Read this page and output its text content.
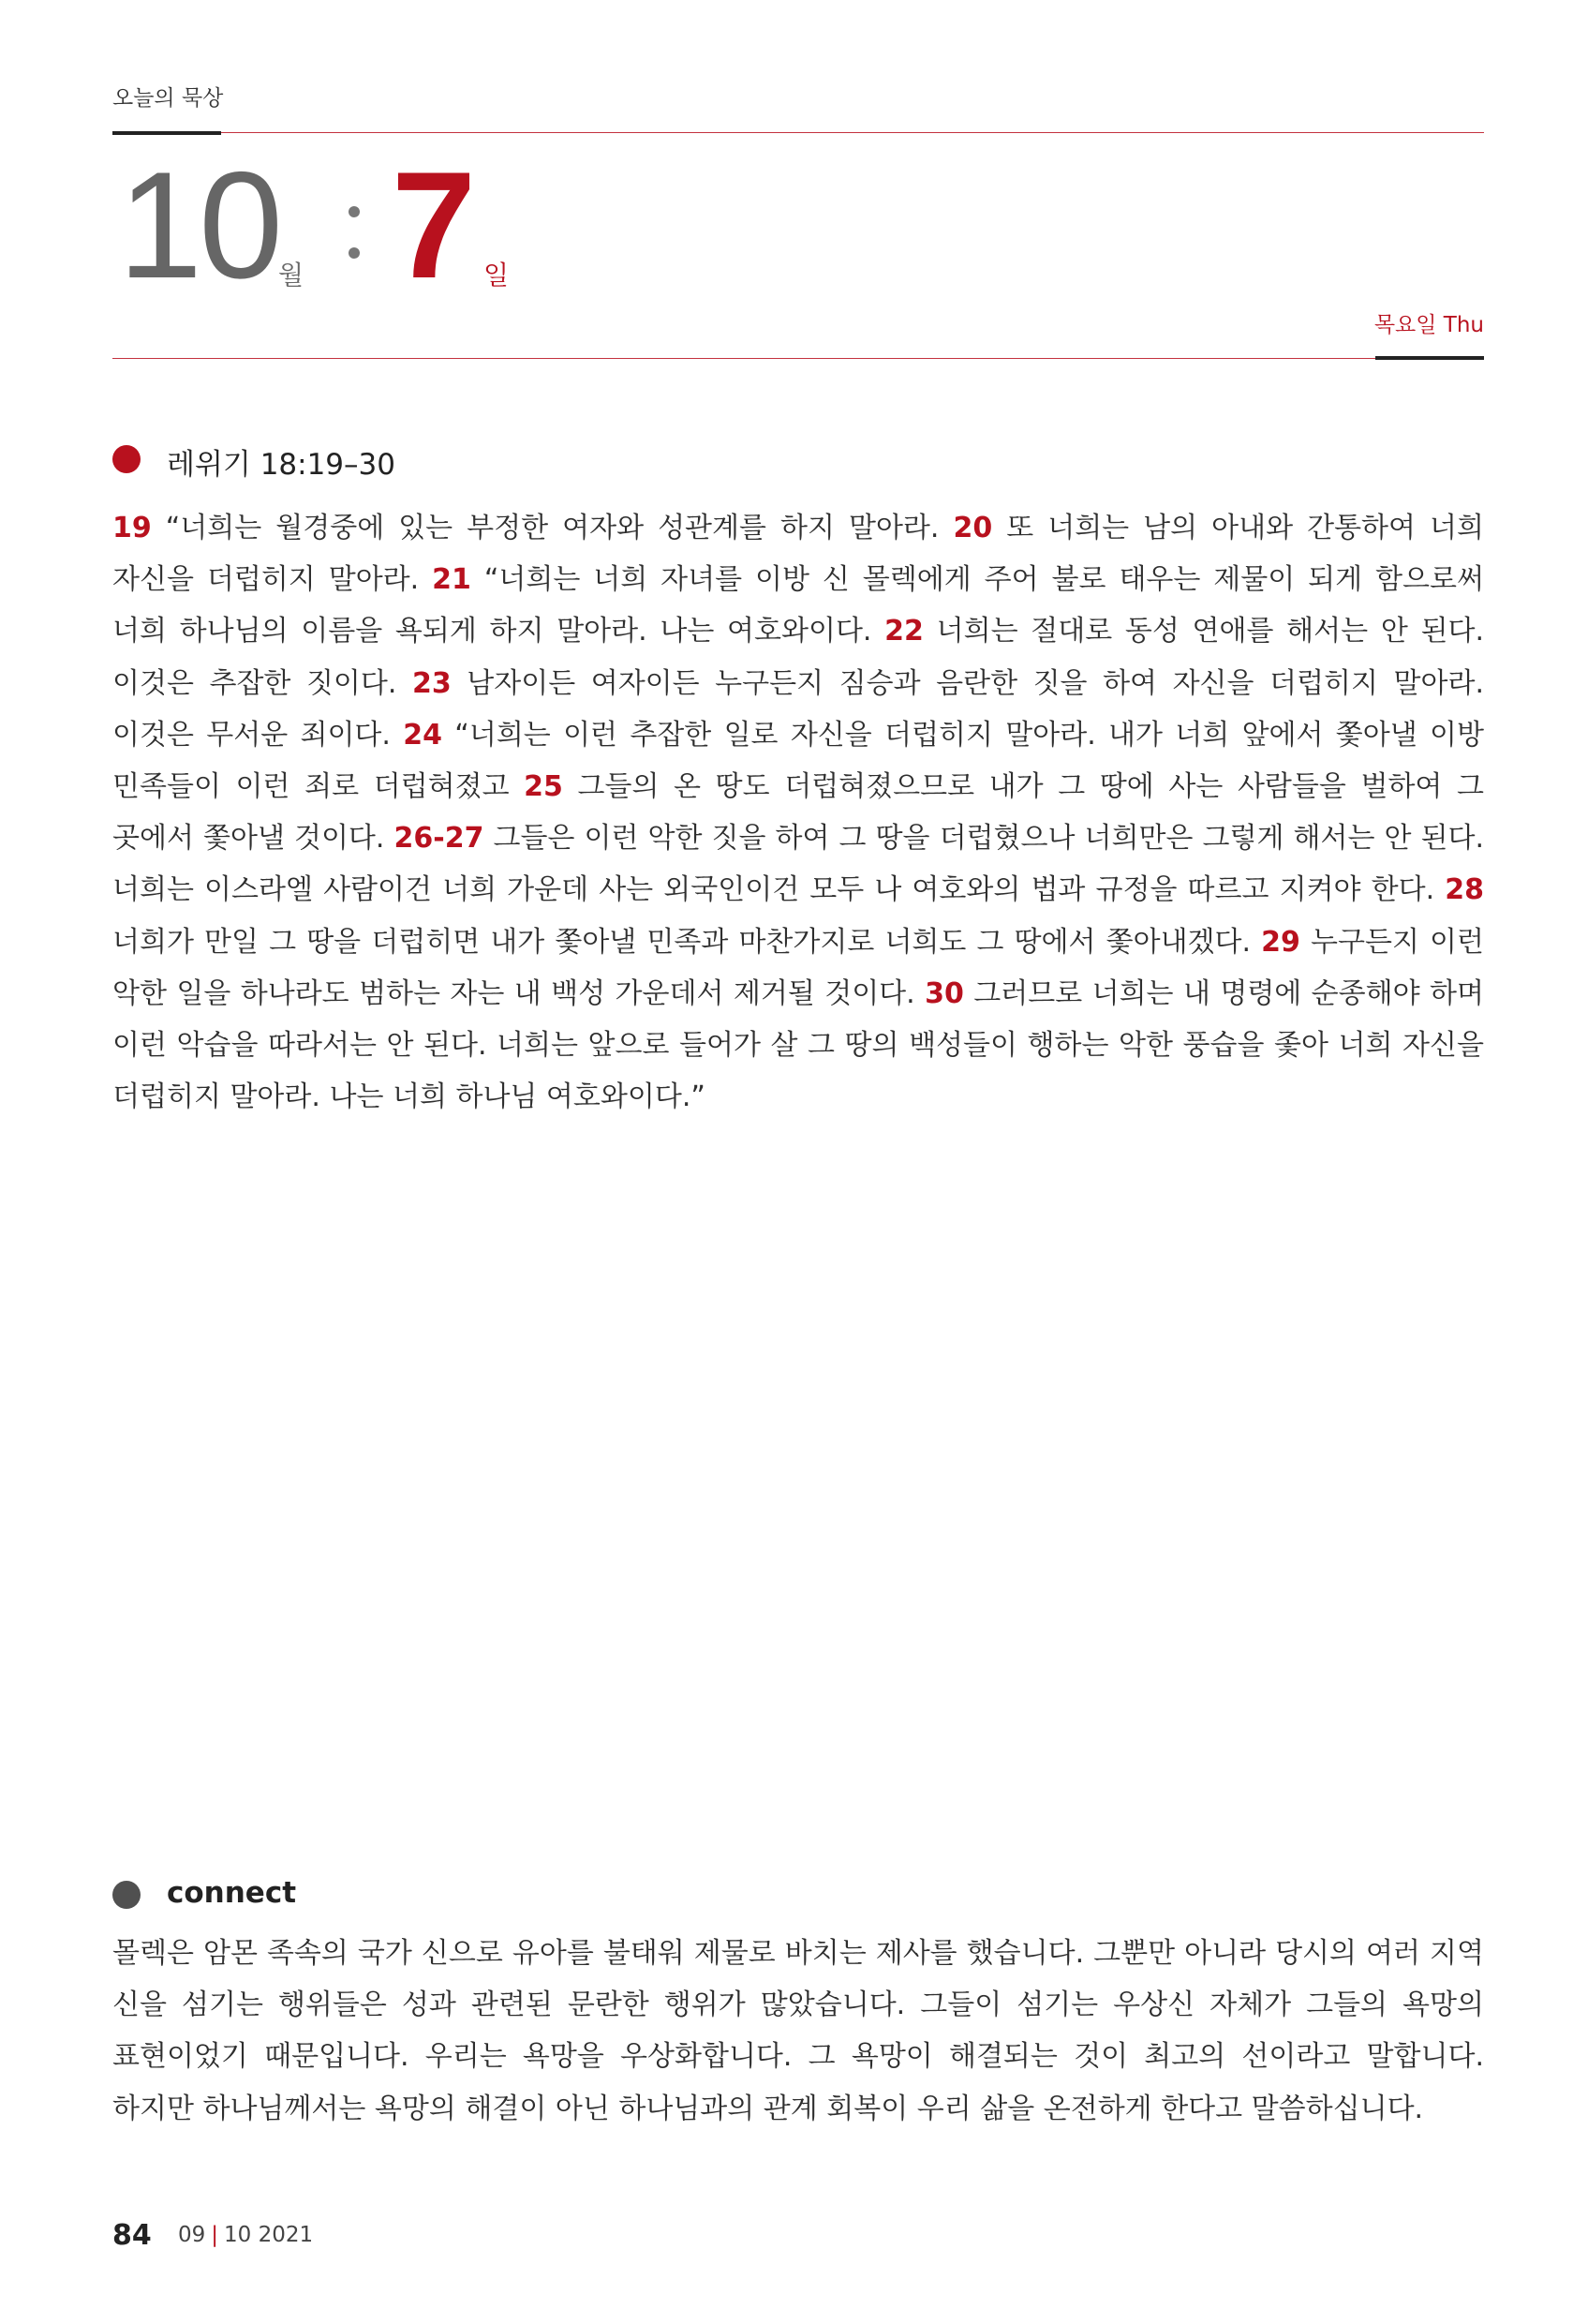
오늘의 묵상
10
월 7 일
목요일 Thu
레위기 18:19–30
19 “너희는 월경중에 있는 부정한 여자와 성관계를 하지 말아라. 20 또 너희는 남의 아내와 간통하여 너희 자신을 더럽히지 말아라. 21 “너희는 너희 자녀를 이방 신 몰렉에게 주어 불로 태우는 제물이 되게 함으로써 너희 하나님의 이름을 욕되게 하지 말아라. 나는 여호와이다. 22 너희는 절대로 동성 연애를 해서는 안 된다. 이것은 추잡한 짓이다. 23 남자이든 여자이든 누구든지 짐승과 음란한 짓을 하여 자신을 더럽히지 말아라. 이것은 무서운 죄이다. 24 “너희는 이런 추잡한 일로 자신을 더럽히지 말아라. 내가 너희 앞에서 쫓아낼 이방 민족들이 이런 죄로 더럽혀졌고 25 그들의 온 땅도 더럽혀졌으므로 내가 그 땅에 사는 사람들을 벌하여 그 곳에서 쫓아낼 것이다. 26-27 그들은 이런 악한 짓을 하여 그 땅을 더럽혔으나 너희만은 그렇게 해서는 안 된다. 너희는 이스라엘 사람이건 너희 가운데 사는 외국인이건 모두 나 여호와의 법과 규정을 따르고 지켜야 한다. 28 너희가 만일 그 땅을 더럽히면 내가 쫓아낼 민족과 마찬가지로 너희도 그 땅에서 쫓아내겠다. 29 누구든지 이런 악한 일을 하나라도 범하는 자는 내 백성 가운데서 제거될 것이다. 30 그러므로 너희는 내 명령에 순종해야 하며 이런 악습을 따라서는 안 된다. 너희는 앞으로 들어가 살 그 땅의 백성들이 행하는 악한 풍습을 좇아 너희 자신을 더럽히지 말아라. 나는 너희 하나님 여호와이다.”
connect
몰렉은 암몬 족속의 국가 신으로 유아를 불태워 제물로 바치는 제사를 했습니다. 그뿐만 아니라 당시의 여러 지역 신을 섬기는 행위들은 성과 관련된 문란한 행위가 많았습니다. 그들이 섬기는 우상신 자체가 그들의 욕망의 표현이었기 때문입니다. 우리는 욕망을 우상화합니다. 그 욕망이 해결되는 것이 최고의 선이라고 말합니다. 하지만 하나님께서는 욕망의 해결이 아닌 하나님과의 관계 회복이 우리 삶을 온전하게 한다고 말씀하십니다.
84 09 | 10 2021
